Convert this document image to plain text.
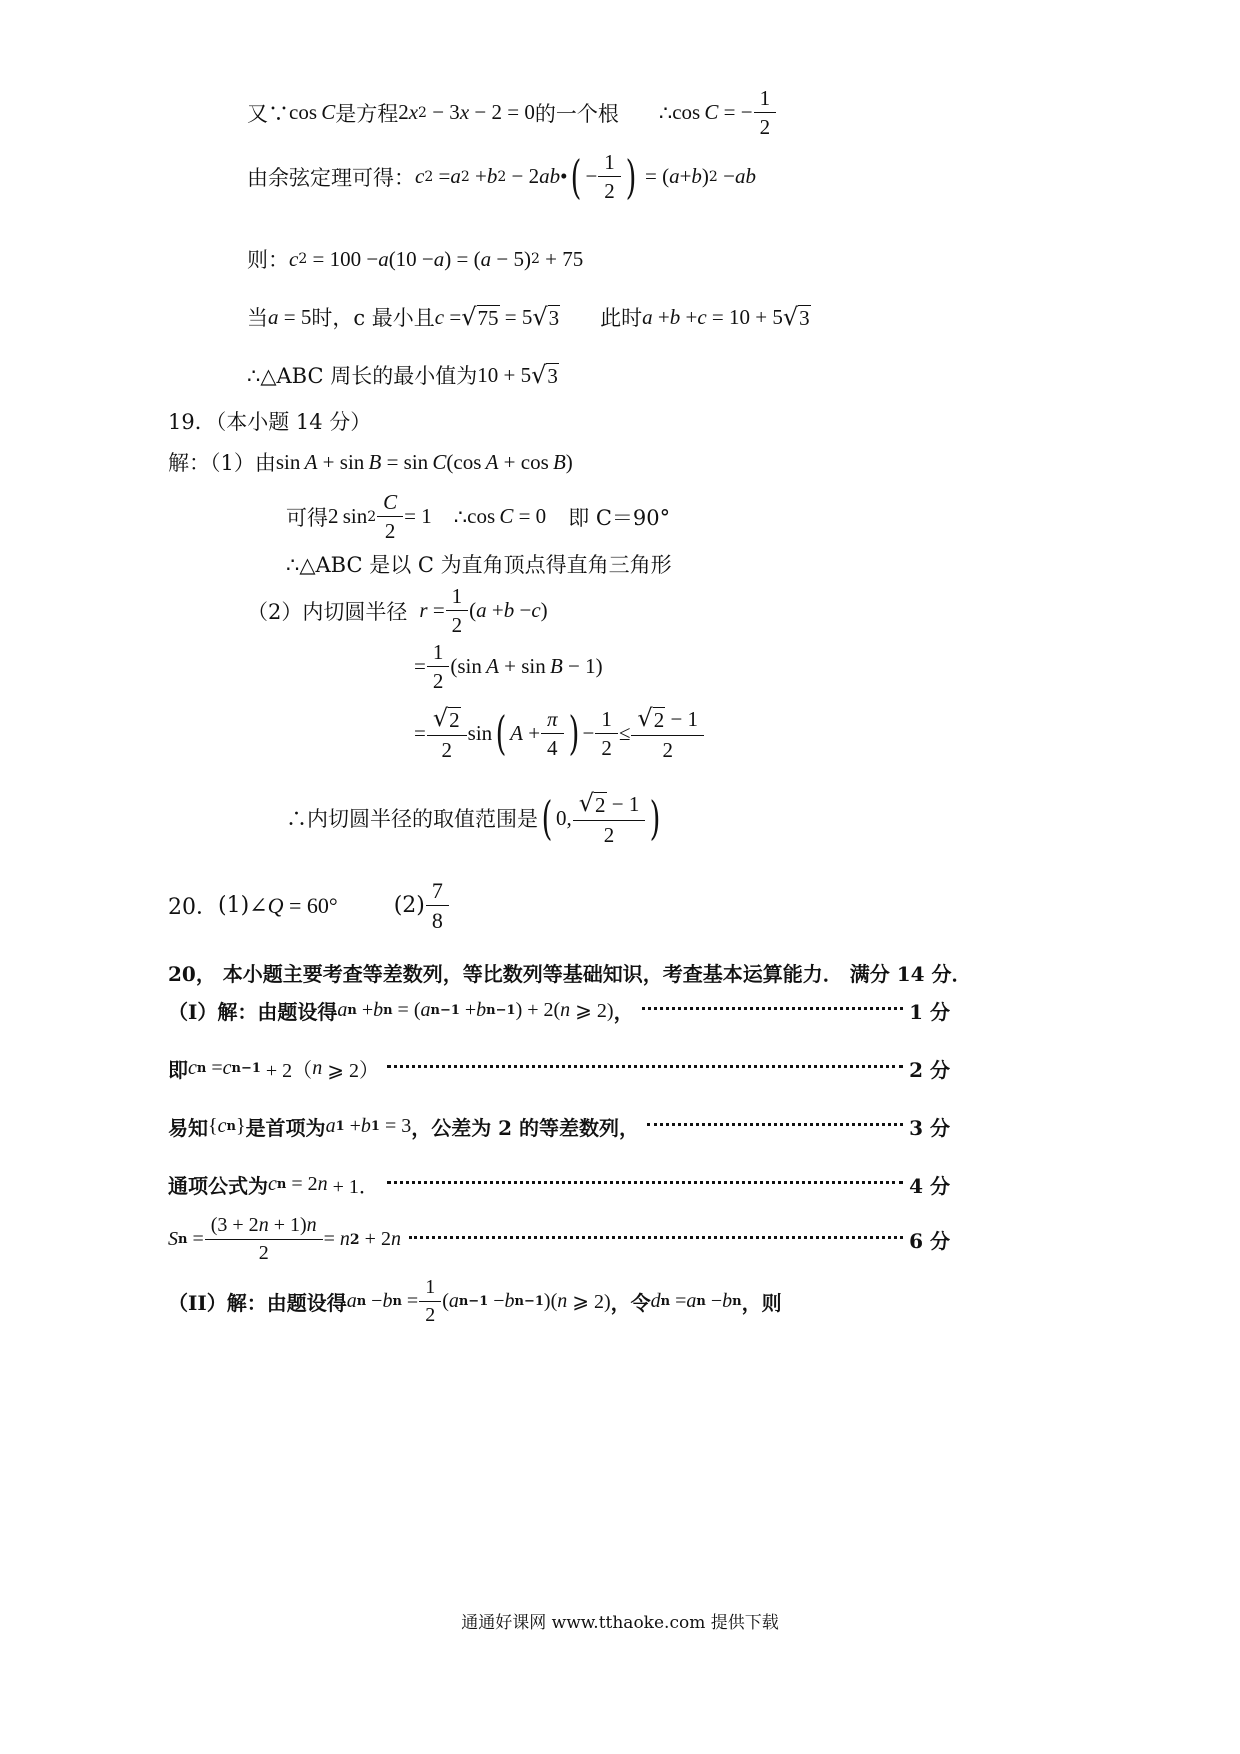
又∵ cos  C 是方程 2 x 2 − 3 x − 2 = 0 的一个根 ∴ cos  C = − $\frac{1}{2}$
由余弦定理可得： c 2 = a 2 + b 2 − 2 ab • ( − $\frac{1}{2}$ ) = ( a + b ) 2 − ab
则： c 2 = 100 − a (10 − a ) = ( a − 5) 2 + 75
当 a = 5 时，c 最小且 c = √ 75 = 5 √ 3 此时 a + b + c = 10 + 5 √ 3
∴△ABC 周长的最小值为 10 + 5 √ 3
19．（本小题 14 分）
解：（1）由 sin  A + sin  B = sin  C (cos  A + cos  B )
可得 2 $\sin 2 \frac{C}{2} = 1$ ∴ cos  C = 0 即 C＝90°
∴△ABC 是以 C 为直角顶点得直角三角形
（2）内切圆半径 $r = \frac{1}{2}$ ( a + b − c )
= $\frac{1}{2} (\sin$  A + sin  B − 1)
= $\frac{√ 2}{2}$ sin ( $A + \frac{\pi}{4}$ ) − $\frac{1}{2} \le \frac{√ 2 - 1}{2}$
∴内切圆半径的取值范围是 ( 0, $\frac{√ 2 - 1}{2}$ )
20． (1) ∠ Q = 60°	$(2) \frac{7}{8}$
20， 本小题主要考查等差数列，等比数列等基础知识，考查基本运算能力． 满分 14 分．
（I）解：由题设得 a n + b n = ( a n−1 + b n−1 ) + 2( n ⩾ 2) ，	1 分
即 c n = c n−1 + 2（ n ⩾ 2）	2 分
易知 { c n } 是首项为 a 1 + b 1 = 3 ，公差为 2 的等差数列，	3 分
通项公式为 c n = 2 n + 1．	4 分
S $n = \frac{(3 + 2n + 1)n}{2} = n$ 2 + 2 n	6 分
（II）解：由题设得 a n − b $n = \frac{1}{2}$ ( a n−1 − b n−1 )( n ⩾ 2) ，令 d n = a n − b n ，则
通通好课网 www.tthaoke.com 提供下载
